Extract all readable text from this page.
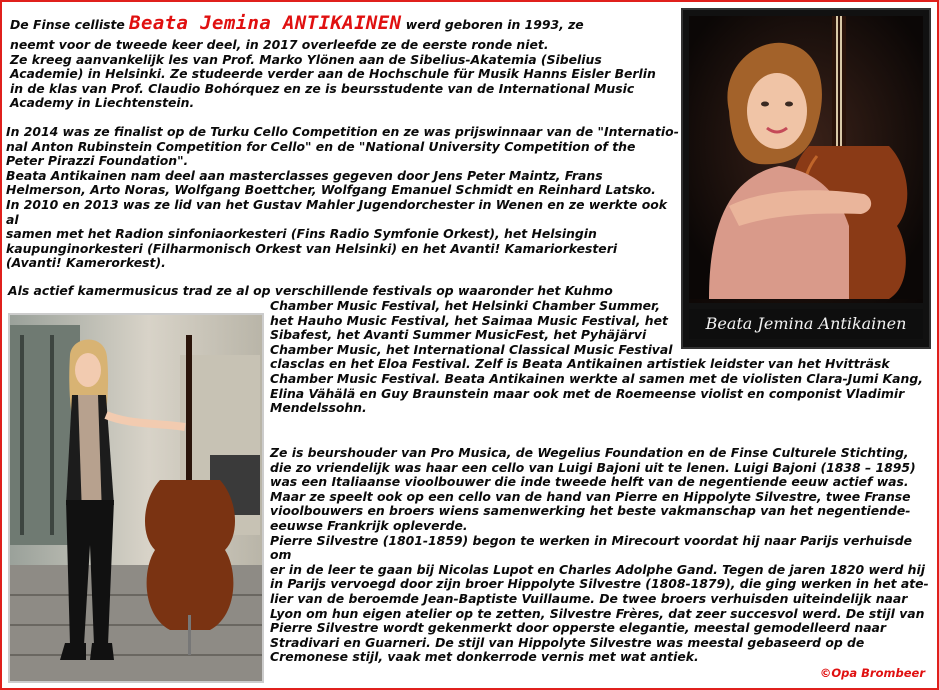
De Finse celliste Beata Jemina ANTIKAINEN werd geboren in 1993, ze
neemt voor de tweede keer deel, in 2017 overleefde ze de eerste ronde niet.
Ze kreeg aanvankelijk les van Prof. Marko Ylönen aan de Sibelius-Akatemia (Sibelius
Academie) in Helsinki. Ze studeerde verder aan de Hochschule für Musik Hanns Eisler Berlin
in de klas van Prof. Claudio Bohórquez en ze is beursstudente van de International Music
Academy in Liechtenstein.
In 2014 was ze finalist op de Turku Cello Competition en ze was prijswinnaar van de "Internatio-
nal Anton Rubinstein Competition for Cello" en de "National University Competition of the
Peter Pirazzi Foundation".
Beata Antikainen nam deel aan masterclasses gegeven door Jens Peter Maintz, Frans
Helmerson, Arto Noras, Wolfgang Boettcher, Wolfgang Emanuel Schmidt en Reinhard Latsko.
In 2010 en 2013 was ze lid van het Gustav Mahler Jugendorchester in Wenen en ze werkte ook al
samen met het Radion sinfoniaorkesteri (Fins Radio Symfonie Orkest), het Helsingin
kaupunginorkesteri (Filharmonisch Orkest van Helsinki) en het Avanti! Kamariorkesteri
(Avanti! Kamerorkest).
Als actief kamermusicus trad ze al op verschillende festivals op waaronder het Kuhmo
Chamber Music Festival, het Helsinki Chamber Summer,
het Hauho Music Festival, het Saimaa Music Festival, het
Sibafest, het Avanti Summer MusicFest, het Pyhäjärvi
Chamber Music, het International Classical Music Festival
clasclas en het Eloa Festival. Zelf is Beata Antikainen artistiek leidster van het Hvitträsk
Chamber Music Festival. Beata Antikainen werkte al samen met de violisten Clara-Jumi Kang,
Elina Vähälä en Guy Braunstein maar ook met de Roemeense violist en componist Vladimir
Mendelssohn.
Ze is beurshouder van Pro Musica, de Wegelius Foundation en de Finse Culturele Stichting,
die zo vriendelijk was haar een cello van Luigi Bajoni uit te lenen. Luigi Bajoni (1838 – 1895)
was een Italiaanse vioolbouwer die inde tweede helft van de negentiende eeuw actief was.
Maar ze speelt ook op een cello van de hand van Pierre en Hippolyte Silvestre, twee Franse
vioolbouwers en broers wiens samenwerking het beste vakmanschap van het negentiende-
eeuwse Frankrijk opleverde.
Pierre Silvestre (1801-1859) begon te werken in Mirecourt voordat hij naar Parijs verhuisde om
er in de leer te gaan bij Nicolas Lupot en Charles Adolphe Gand. Tegen de jaren 1820 werd hij
in Parijs vervoegd door zijn broer Hippolyte Silvestre (1808-1879), die ging werken in het ate-
lier van de beroemde Jean-Baptiste Vuillaume. De twee broers verhuisden uiteindelijk naar
Lyon om hun eigen atelier op te zetten, Silvestre Frères, dat zeer succesvol werd. De stijl van
Pierre Silvestre wordt gekenmerkt door opperste elegantie, meestal gemodelleerd naar
Stradivari en Guarneri. De stijl van Hippolyte Silvestre was meestal gebaseerd op de
Cremonese stijl, vaak met donkerrode vernis met wat antiek.
Beata Jemina Antikainen
©Opa Brombeer
